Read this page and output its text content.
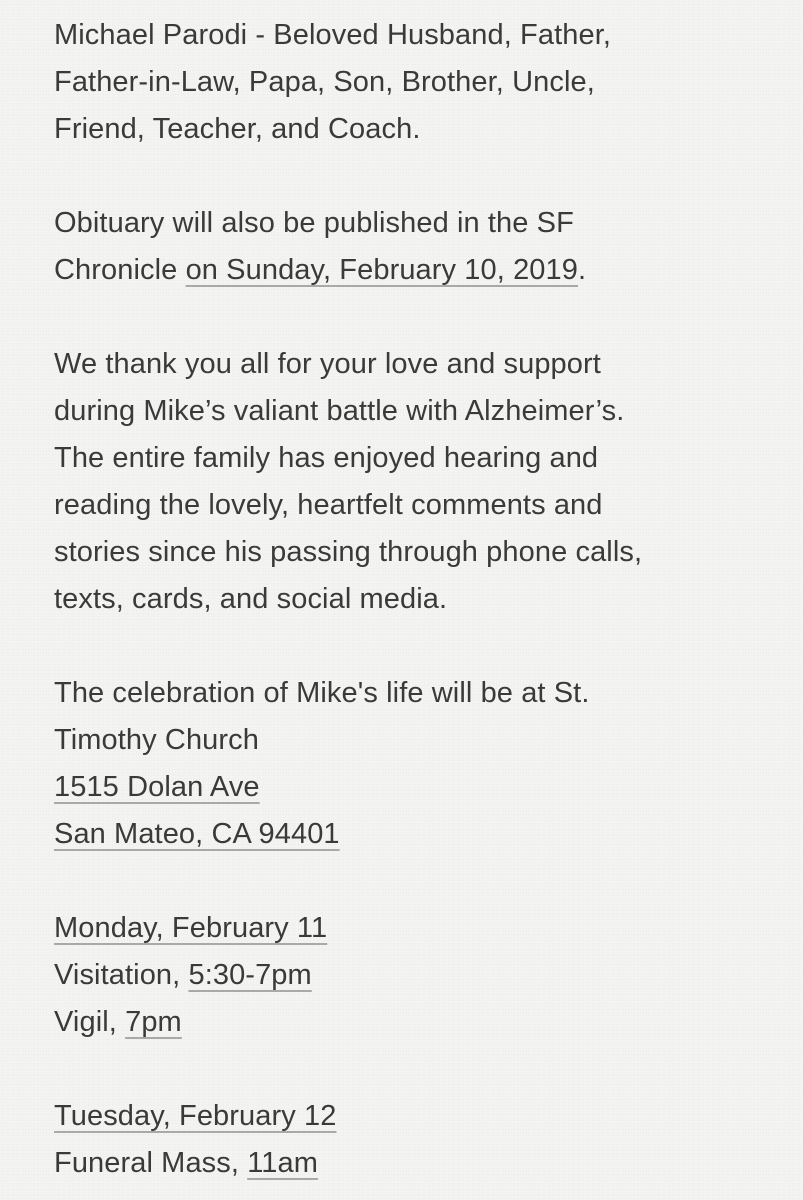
Michael Parodi - Beloved Husband, Father,
Father-in-Law, Papa, Son, Brother, Uncle,
Friend, Teacher, and Coach.
Obituary will also be published in the SF
Chronicle on Sunday, February 10, 2019.
We thank you all for your love and support
during Mike’s valiant battle with Alzheimer’s.
The entire family has enjoyed hearing and
reading the lovely, heartfelt comments and
stories since his passing through phone calls,
texts, cards, and social media.
The celebration of Mike's life will be at St.
Timothy Church
1515 Dolan Ave
San Mateo, CA 94401
Monday, February 11
Visitation, 5:30-7pm
Vigil, 7pm
Tuesday, February 12
Funeral Mass, 11am
